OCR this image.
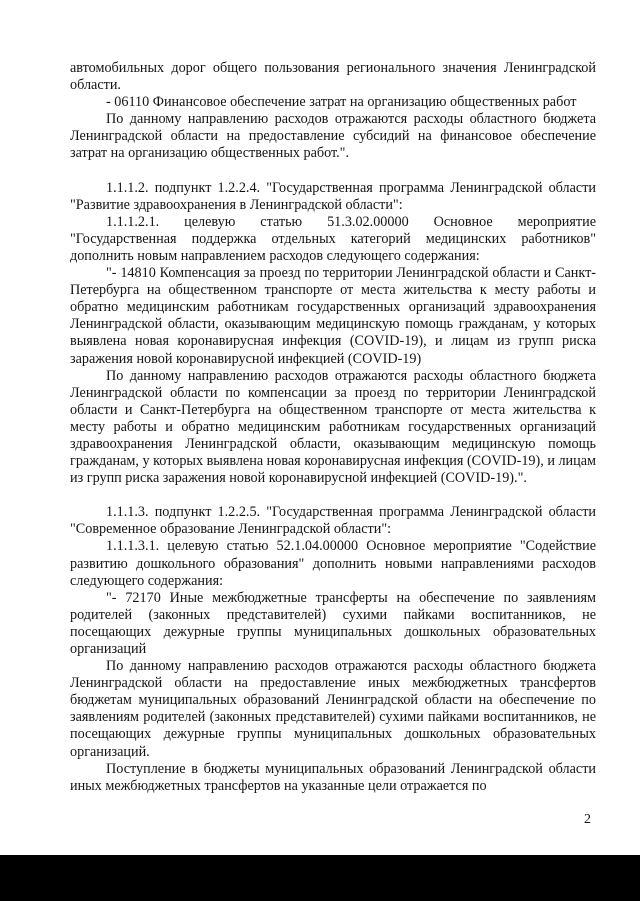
автомобильных дорог общего пользования регионального значения Ленинградской области.

- 06110 Финансовое обеспечение затрат на организацию общественных работ

По данному направлению расходов отражаются расходы областного бюджета Ленинградской области на предоставление субсидий на финансовое обеспечение затрат на организацию общественных работ.".

1.1.1.2. подпункт 1.2.2.4. "Государственная программа Ленинградской области "Развитие здравоохранения в Ленинградской области":

1.1.1.2.1. целевую статью 51.3.02.00000 Основное мероприятие "Государственная поддержка отдельных категорий медицинских работников" дополнить новым направлением расходов следующего содержания:

"- 14810 Компенсация за проезд по территории Ленинградской области и Санкт-Петербурга на общественном транспорте от места жительства к месту работы и обратно медицинским работникам государственных организаций здравоохранения Ленинградской области, оказывающим медицинскую помощь гражданам, у которых выявлена новая коронавирусная инфекция (COVID-19), и лицам из групп риска заражения новой коронавирусной инфекцией (COVID-19)

По данному направлению расходов отражаются расходы областного бюджета Ленинградской области по компенсации за проезд по территории Ленинградской области и Санкт-Петербурга на общественном транспорте от места жительства к месту работы и обратно медицинским работникам государственных организаций здравоохранения Ленинградской области, оказывающим медицинскую помощь гражданам, у которых выявлена новая коронавирусная инфекция (COVID-19), и лицам из групп риска заражения новой коронавирусной инфекцией (COVID-19).".

1.1.1.3. подпункт 1.2.2.5. "Государственная программа Ленинградской области "Современное образование Ленинградской области":

1.1.1.3.1. целевую статью 52.1.04.00000 Основное мероприятие "Содействие развитию дошкольного образования" дополнить новыми направлениями расходов следующего содержания:

"- 72170 Иные межбюджетные трансферты на обеспечение по заявлениям родителей (законных представителей) сухими пайками воспитанников, не посещающих дежурные группы муниципальных дошкольных образовательных организаций

По данному направлению расходов отражаются расходы областного бюджета Ленинградской области на предоставление иных межбюджетных трансфертов бюджетам муниципальных образований Ленинградской области на обеспечение по заявлениям родителей (законных представителей) сухими пайками воспитанников, не посещающих дежурные группы муниципальных дошкольных образовательных организаций.

Поступление в бюджеты муниципальных образований Ленинградской области иных межбюджетных трансфертов на указанные цели отражается по

2
